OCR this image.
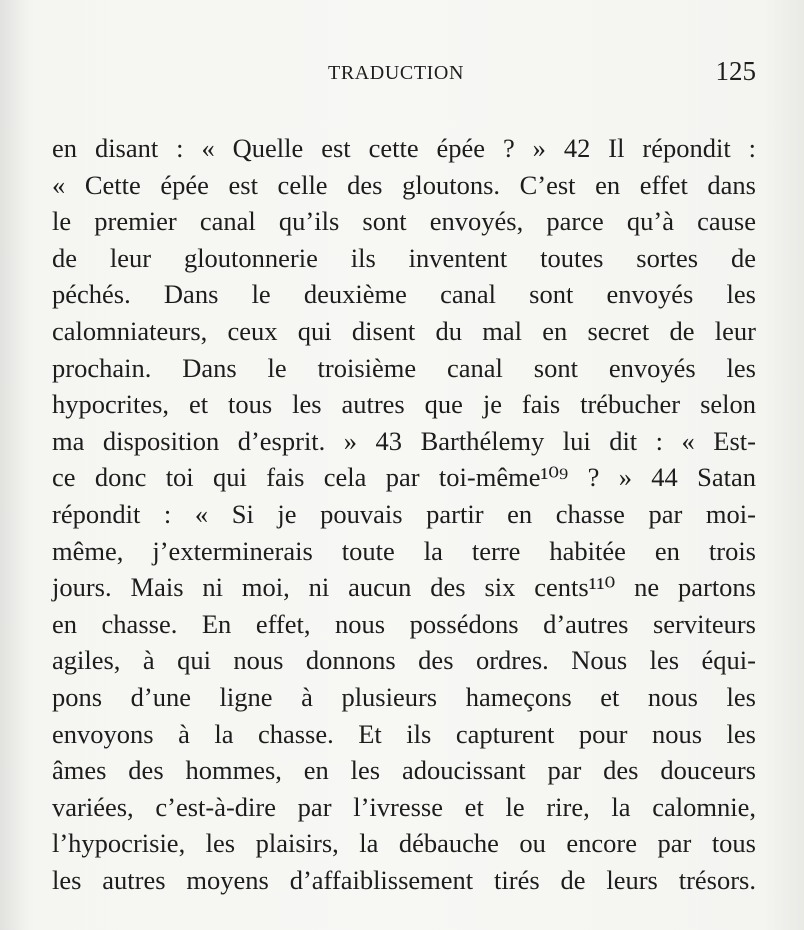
TRADUCTION	125
en disant : « Quelle est cette épée ? » 42 Il répondit :
« Cette épée est celle des gloutons. C’est en effet dans
le premier canal qu’ils sont envoyés, parce qu’à cause
de leur gloutonnerie ils inventent toutes sortes de
péchés. Dans le deuxième canal sont envoyés les
calomniateurs, ceux qui disent du mal en secret de leur
prochain. Dans le troisième canal sont envoyés les
hypocrites, et tous les autres que je fais trébucher selon
ma disposition d’esprit. » 43 Barthélemy lui dit : « Est-
ce donc toi qui fais cela par toi-même¹⁰⁹ ? » 44 Satan
répondit : « Si je pouvais partir en chasse par moi-
même, j’exterminerais toute la terre habitée en trois
jours. Mais ni moi, ni aucun des six cents¹¹⁰ ne partons
en chasse. En effet, nous possédons d’autres serviteurs
agiles, à qui nous donnons des ordres. Nous les équi-
pons d’une ligne à plusieurs hameçons et nous les
envoyons à la chasse. Et ils capturent pour nous les
âmes des hommes, en les adoucissant par des douceurs
variées, c’est-à-dire par l’ivresse et le rire, la calomnie,
l’hypocrisie, les plaisirs, la débauche ou encore par tous
les autres moyens d’affaiblissement tirés de leurs trésors.
